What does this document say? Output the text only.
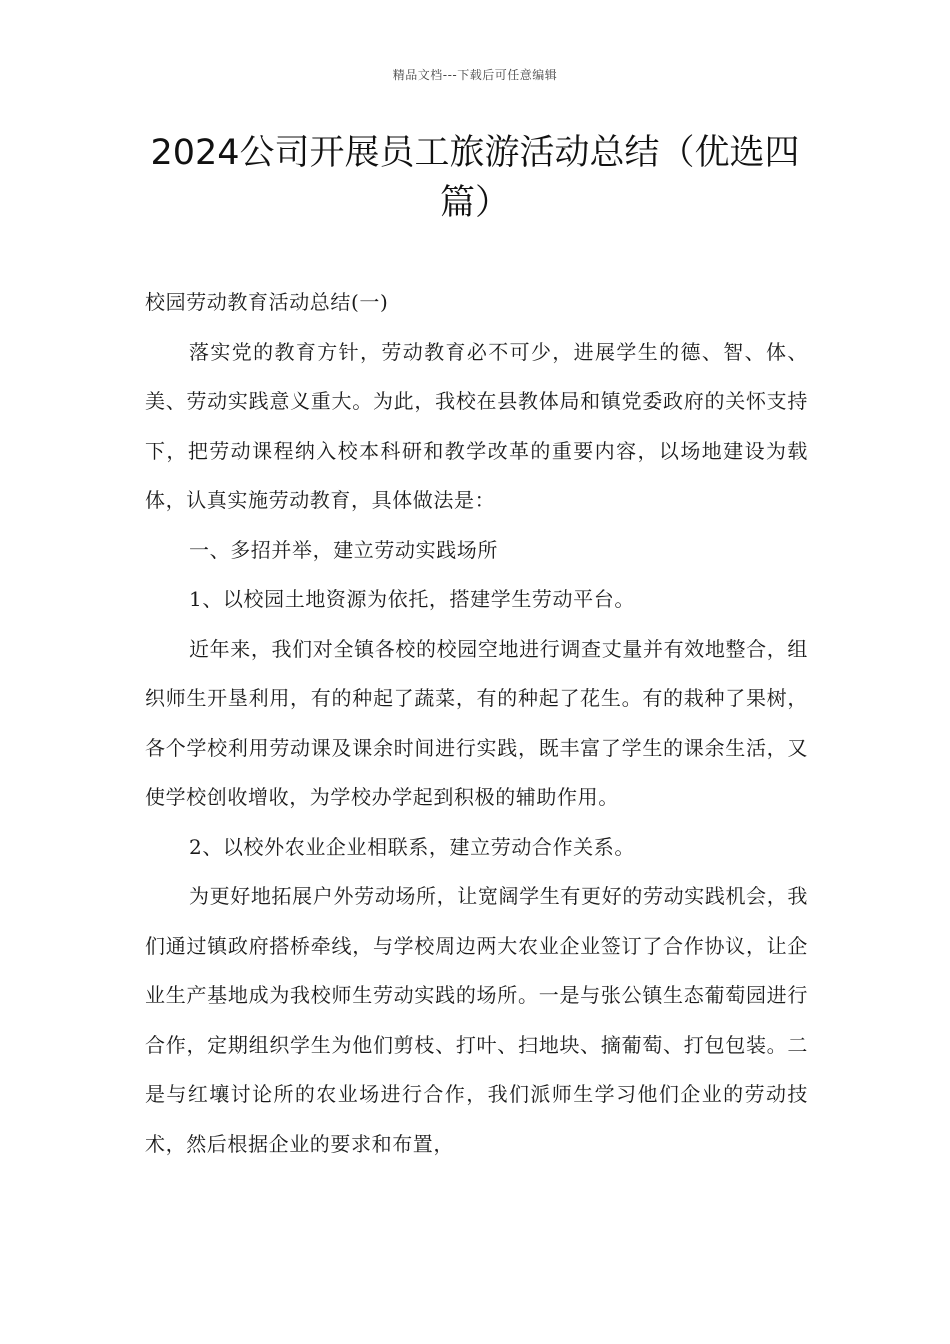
精品文档---下载后可任意编辑
2024公司开展员工旅游活动总结（优选四篇）

校园劳动教育活动总结(一)

落实党的教育方针，劳动教育必不可少，进展学生的德、智、体、美、劳动实践意义重大。为此，我校在县教体局和镇党委政府的关怀支持下，把劳动课程纳入校本科研和教学改革的重要内容，以场地建设为载体，认真实施劳动教育，具体做法是：

一、多招并举，建立劳动实践场所

1、以校园土地资源为依托，搭建学生劳动平台。

近年来，我们对全镇各校的校园空地进行调查丈量并有效地整合，组织师生开垦利用，有的种起了蔬菜，有的种起了花生。有的栽种了果树，各个学校利用劳动课及课余时间进行实践，既丰富了学生的课余生活，又使学校创收增收，为学校办学起到积极的辅助作用。

2、以校外农业企业相联系，建立劳动合作关系。

为更好地拓展户外劳动场所，让宽阔学生有更好的劳动实践机会，我们通过镇政府搭桥牵线，与学校周边两大农业企业签订了合作协议，让企业生产基地成为我校师生劳动实践的场所。一是与张公镇生态葡萄园进行合作，定期组织学生为他们剪枝、打叶、扫地块、摘葡萄、打包包装。二是与红壤讨论所的农业场进行合作，我们派师生学习他们企业的劳动技术，然后根据企业的要求和布置，
